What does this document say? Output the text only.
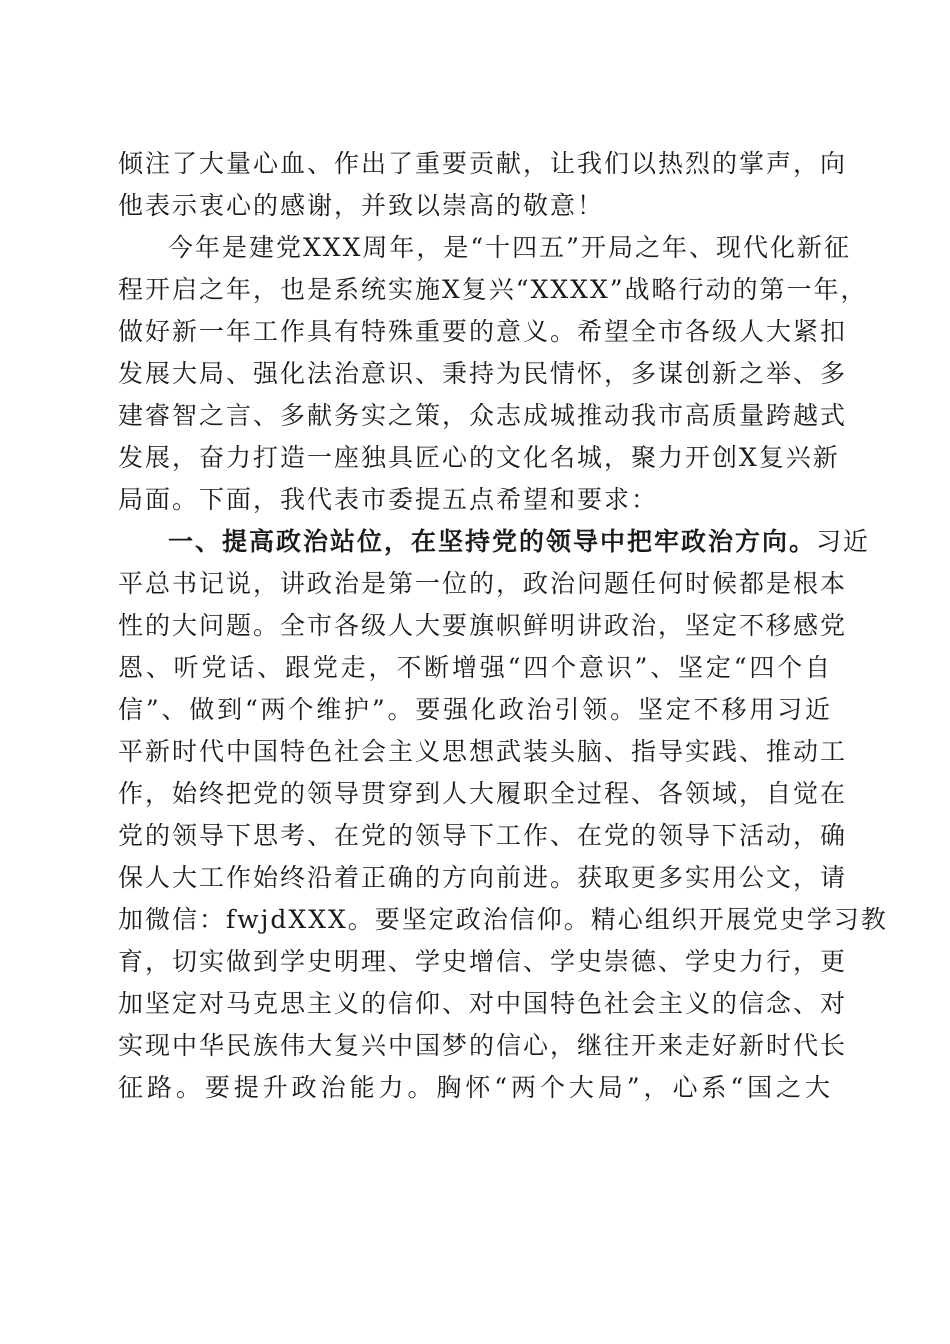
倾注了大量心血、作出了重要贡献，让我们以热烈的掌声，向
他表示衷心的感谢，并致以崇高的敬意！
今年是建党XXX周年，是“十四五”开局之年、现代化新征
程开启之年，也是系统实施X复兴“XXXX”战略行动的第一年，
做好新一年工作具有特殊重要的意义。希望全市各级人大紧扣
发展大局、强化法治意识、秉持为民情怀，多谋创新之举、多
建睿智之言、多献务实之策，众志成城推动我市高质量跨越式
发展，奋力打造一座独具匠心的文化名城，聚力开创X复兴新
局面。下面，我代表市委提五点希望和要求：
一、提高政治站位，在坚持党的领导中把牢政治方向。习近
平总书记说，讲政治是第一位的，政治问题任何时候都是根本
性的大问题。全市各级人大要旗帜鲜明讲政治，坚定不移感党
恩、听党话、跟党走，不断增强“四个意识”、坚定“四个自
信”、做到“两个维护”。要强化政治引领。坚定不移用习近
平新时代中国特色社会主义思想武装头脑、指导实践、推动工
作，始终把党的领导贯穿到人大履职全过程、各领域，自觉在
党的领导下思考、在党的领导下工作、在党的领导下活动，确
保人大工作始终沿着正确的方向前进。获取更多实用公文，请
加微信：fwjdXXX。要坚定政治信仰。精心组织开展党史学习教
育，切实做到学史明理、学史增信、学史崇德、学史力行，更
加坚定对马克思主义的信仰、对中国特色社会主义的信念、对
实现中华民族伟大复兴中国梦的信心，继往开来走好新时代长
征路。要提升政治能力。胸怀“两个大局”，心系“国之大
